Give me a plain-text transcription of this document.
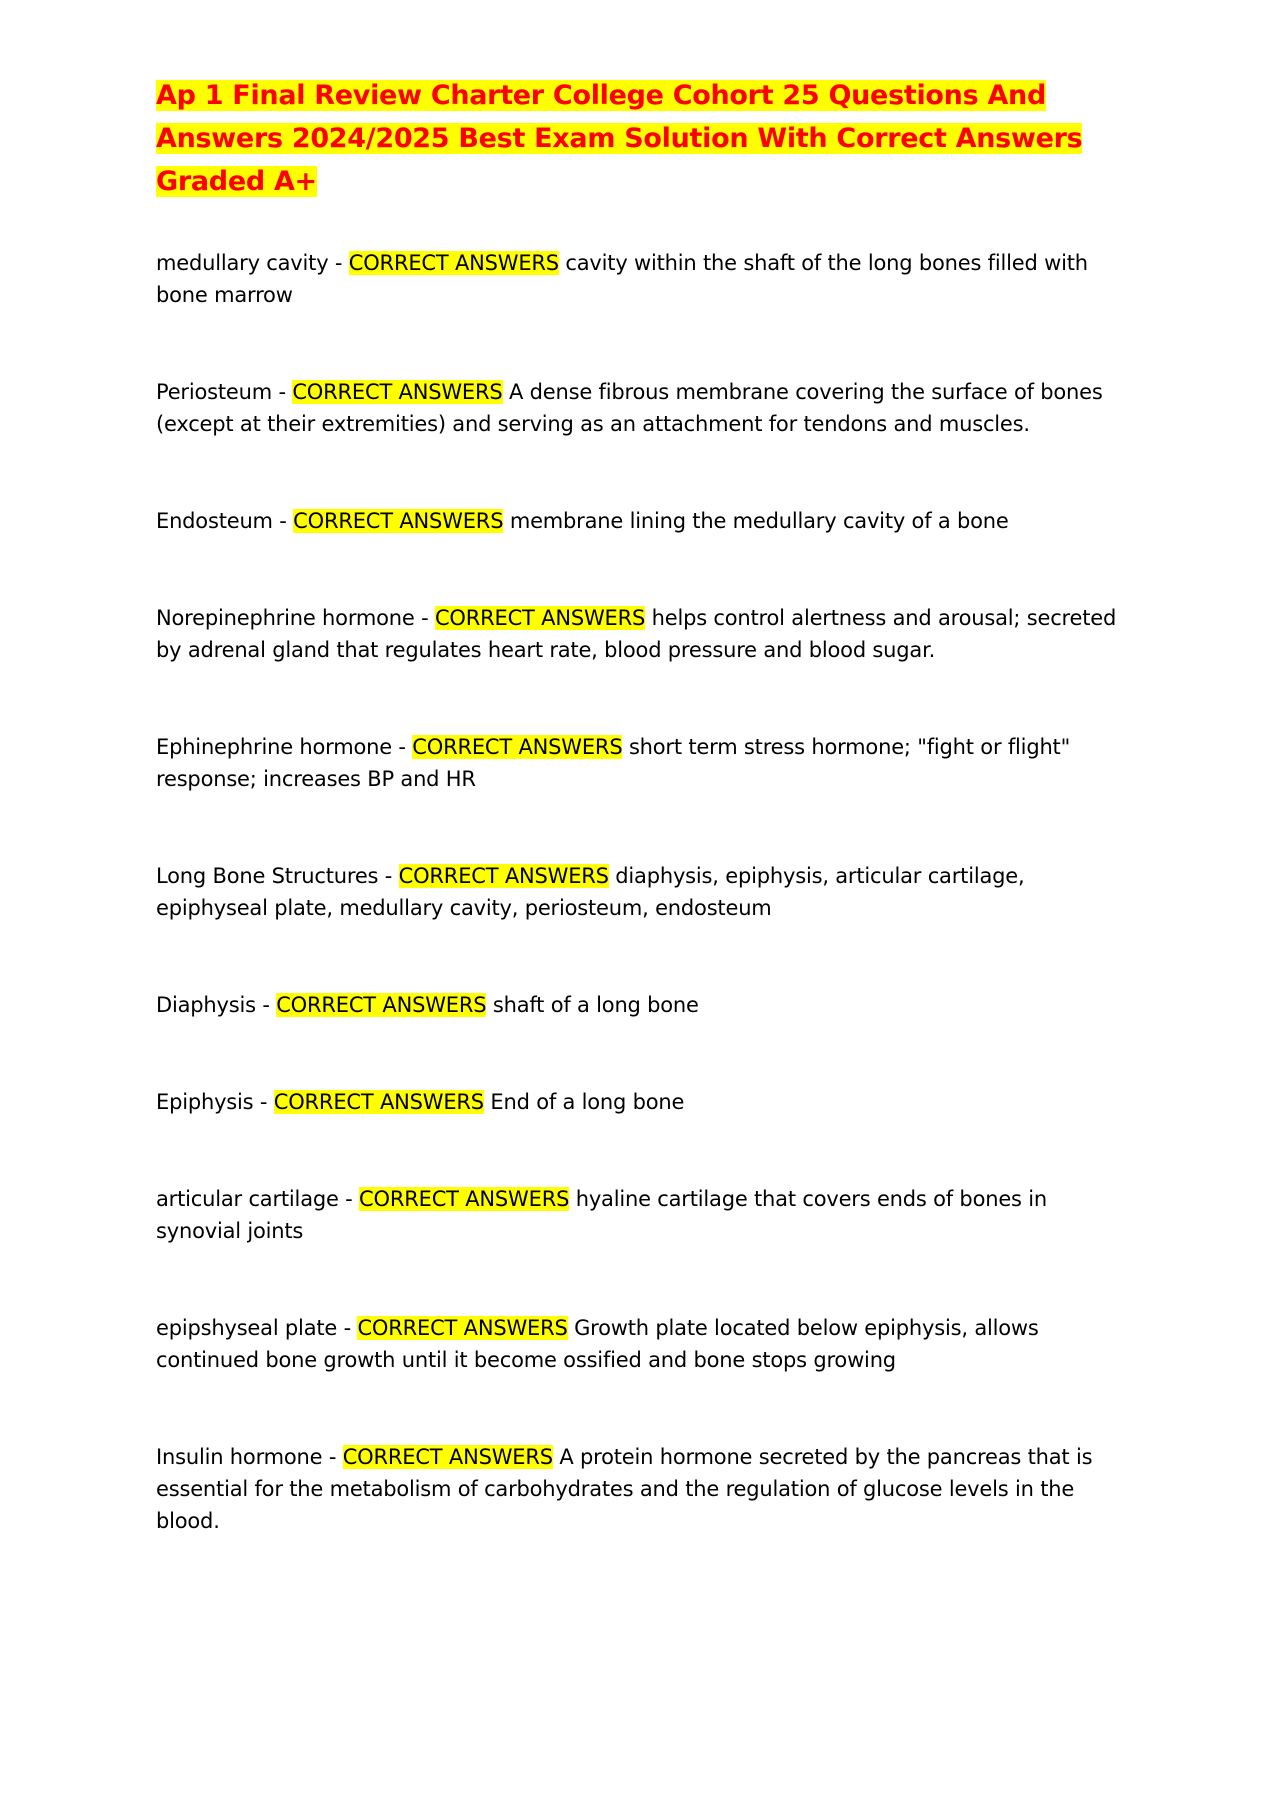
Ap 1 Final Review Charter College Cohort 25 Questions And Answers 2024/2025 Best Exam Solution With Correct Answers Graded A+

medullary cavity - CORRECT ANSWERS cavity within the shaft of the long bones filled with bone marrow

Periosteum - CORRECT ANSWERS A dense fibrous membrane covering the surface of bones (except at their extremities) and serving as an attachment for tendons and muscles.

Endosteum - CORRECT ANSWERS membrane lining the medullary cavity of a bone

Norepinephrine hormone - CORRECT ANSWERS helps control alertness and arousal; secreted by adrenal gland that regulates heart rate, blood pressure and blood sugar.

Ephinephrine hormone - CORRECT ANSWERS short term stress hormone; "fight or flight" response; increases BP and HR

Long Bone Structures - CORRECT ANSWERS diaphysis, epiphysis, articular cartilage, epiphyseal plate, medullary cavity, periosteum, endosteum

Diaphysis - CORRECT ANSWERS shaft of a long bone

Epiphysis - CORRECT ANSWERS End of a long bone

articular cartilage - CORRECT ANSWERS hyaline cartilage that covers ends of bones in synovial joints

epipshyseal plate - CORRECT ANSWERS Growth plate located below epiphysis, allows continued bone growth until it become ossified and bone stops growing

Insulin hormone - CORRECT ANSWERS A protein hormone secreted by the pancreas that is essential for the metabolism of carbohydrates and the regulation of glucose levels in the blood.
